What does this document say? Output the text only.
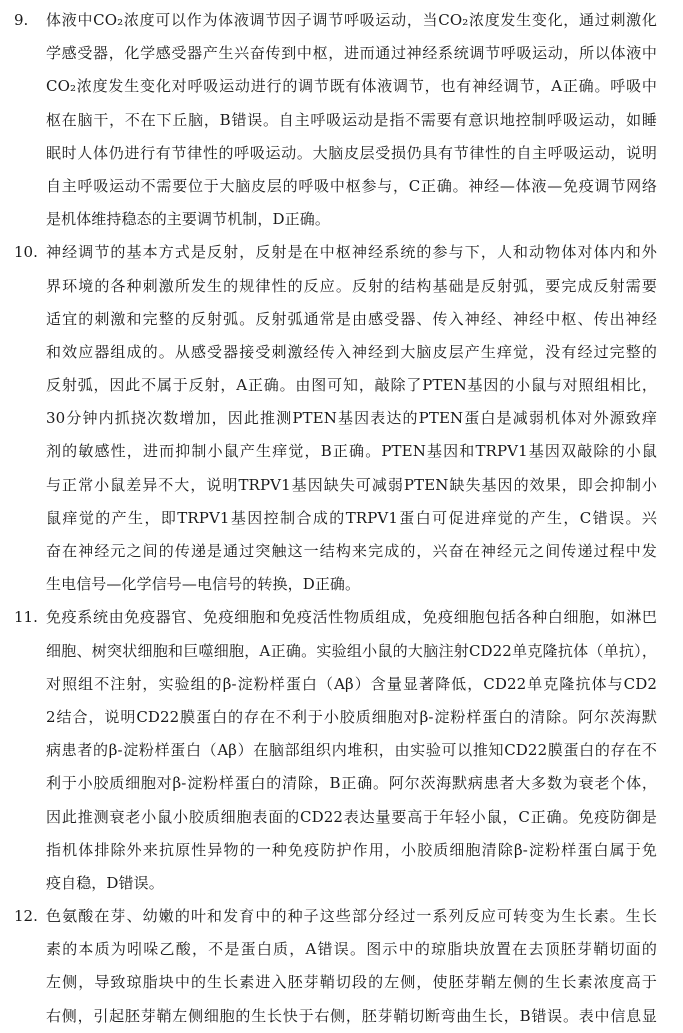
9.	体液中CO₂浓度可以作为体液调节因子调节呼吸运动，当CO₂浓度发生变化，通过刺激化
学感受器，化学感受器产生兴奋传到中枢，进而通过神经系统调节呼吸运动，所以体液中
CO₂浓度发生变化对呼吸运动进行的调节既有体液调节，也有神经调节，A正确。呼吸中
枢在脑干，不在下丘脑，B错误。自主呼吸运动是指不需要有意识地控制呼吸运动，如睡
眠时人体仍进行有节律性的呼吸运动。大脑皮层受损仍具有节律性的自主呼吸运动，说明
自主呼吸运动不需要位于大脑皮层的呼吸中枢参与，C正确。神经—体液—免疫调节网络
是机体维持稳态的主要调节机制，D正确。
10. 神经调节的基本方式是反射，反射是在中枢神经系统的参与下，人和动物体对体内和外
界环境的各种刺激所发生的规律性的反应。反射的结构基础是反射弧，要完成反射需要
适宜的刺激和完整的反射弧。反射弧通常是由感受器、传入神经、神经中枢、传出神经
和效应器组成的。从感受器接受刺激经传入神经到大脑皮层产生痒觉，没有经过完整的
反射弧，因此不属于反射，A正确。由图可知，敲除了PTEN基因的小鼠与对照组相比，
30分钟内抓挠次数增加，因此推测PTEN基因表达的PTEN蛋白是减弱机体对外源致痒
剂的敏感性，进而抑制小鼠产生痒觉，B正确。PTEN基因和TRPV1基因双敲除的小鼠
与正常小鼠差异不大，说明TRPV1基因缺失可减弱PTEN缺失基因的效果，即会抑制小
鼠痒觉的产生，即TRPV1基因控制合成的TRPV1蛋白可促进痒觉的产生，C错误。兴
奋在神经元之间的传递是通过突触这一结构来完成的，兴奋在神经元之间传递过程中发
生电信号—化学信号—电信号的转换，D正确。
11. 免疫系统由免疫器官、免疫细胞和免疫活性物质组成，免疫细胞包括各种白细胞，如淋巴
细胞、树突状细胞和巨噬细胞，A正确。实验组小鼠的大脑注射CD22单克隆抗体（单抗），
对照组不注射，实验组的β-淀粉样蛋白（Aβ）含量显著降低，CD22单克隆抗体与CD2
2结合，说明CD22膜蛋白的存在不利于小胶质细胞对β-淀粉样蛋白的清除。阿尔茨海默
病患者的β-淀粉样蛋白（Aβ）在脑部组织内堆积，由实验可以推知CD22膜蛋白的存在不
利于小胶质细胞对β-淀粉样蛋白的清除，B正确。阿尔茨海默病患者大多数为衰老个体，
因此推测衰老小鼠小胶质细胞表面的CD22表达量要高于年轻小鼠，C正确。免疫防御是
指机体排除外来抗原性异物的一种免疫防护作用，小胶质细胞清除β-淀粉样蛋白属于免
疫自稳，D错误。
12. 色氨酸在芽、幼嫩的叶和发育中的种子这些部分经过一系列反应可转变为生长素。生长
素的本质为吲哚乙酸，不是蛋白质，A错误。图示中的琼脂块放置在去顶胚芽鞘切面的
左侧，导致琼脂块中的生长素进入胚芽鞘切段的左侧，使胚芽鞘左侧的生长素浓度高于
右侧，引起胚芽鞘左侧细胞的生长快于右侧，胚芽鞘切断弯曲生长，B错误。表中信息显
